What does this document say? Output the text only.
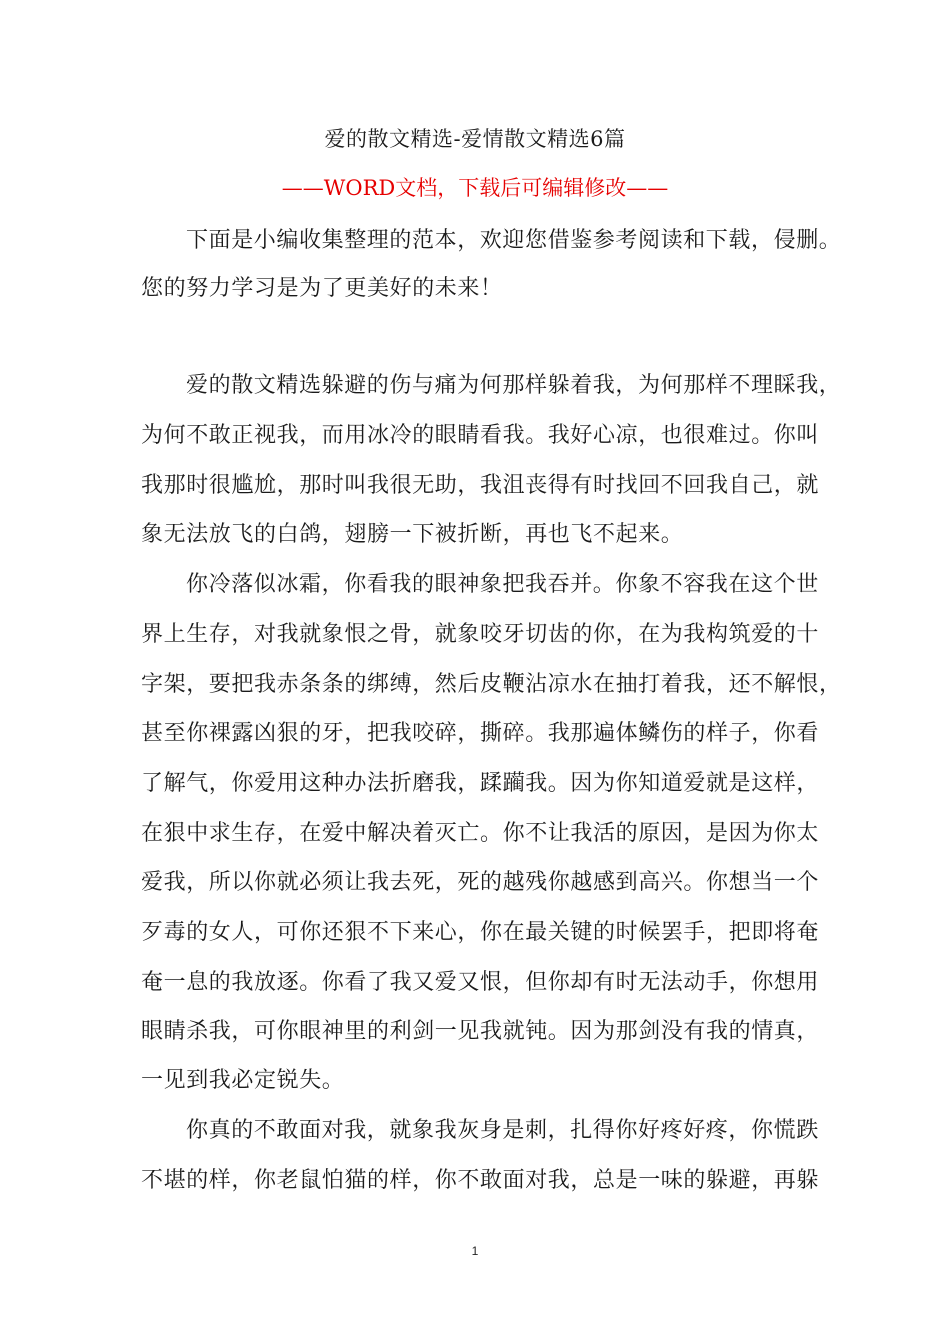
爱的散文精选-爱情散文精选6篇
——WORD文档，下载后可编辑修改——
下面是小编收集整理的范本，欢迎您借鉴参考阅读和下载，侵删。
您的努力学习是为了更美好的未来！
爱的散文精选躲避的伤与痛为何那样躲着我，为何那样不理睬我，
为何不敢正视我，而用冰冷的眼睛看我。我好心凉，也很难过。你叫
我那时很尴尬，那时叫我很无助，我沮丧得有时找回不回我自己，就
象无法放飞的白鸽，翅膀一下被折断，再也飞不起来。
你冷落似冰霜，你看我的眼神象把我吞并。你象不容我在这个世
界上生存，对我就象恨之骨，就象咬牙切齿的你，在为我构筑爱的十
字架，要把我赤条条的绑缚，然后皮鞭沾凉水在抽打着我，还不解恨，
甚至你裸露凶狠的牙，把我咬碎，撕碎。我那遍体鳞伤的样子，你看
了解气，你爱用这种办法折磨我，蹂躏我。因为你知道爱就是这样，
在狠中求生存，在爱中解决着灭亡。你不让我活的原因，是因为你太
爱我，所以你就必须让我去死，死的越残你越感到高兴。你想当一个
歹毒的女人，可你还狠不下来心，你在最关键的时候罢手，把即将奄
奄一息的我放逐。你看了我又爱又恨，但你却有时无法动手，你想用
眼睛杀我，可你眼神里的利剑一见我就钝。因为那剑没有我的情真，
一见到我必定锐失。
你真的不敢面对我，就象我灰身是刺，扎得你好疼好疼，你慌跌
不堪的样，你老鼠怕猫的样，你不敢面对我，总是一味的躲避，再躲
1
